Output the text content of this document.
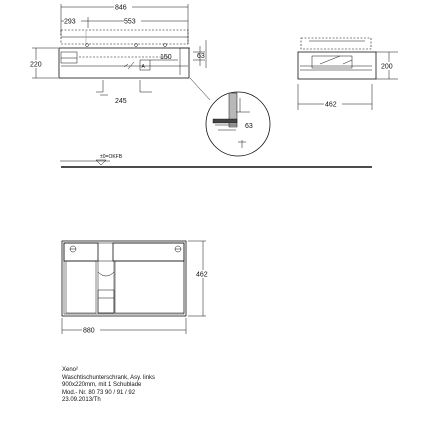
846
293	553
A
150	63
220
245
200
462
63
±0=OKFB
462
880
Xeno²
Waschtischunterschrank, Asy. links
900x220mm, mit 1 Schublade
Mod.- Nr. 80 73 90 / 91 / 92
23.09.2013/Th
